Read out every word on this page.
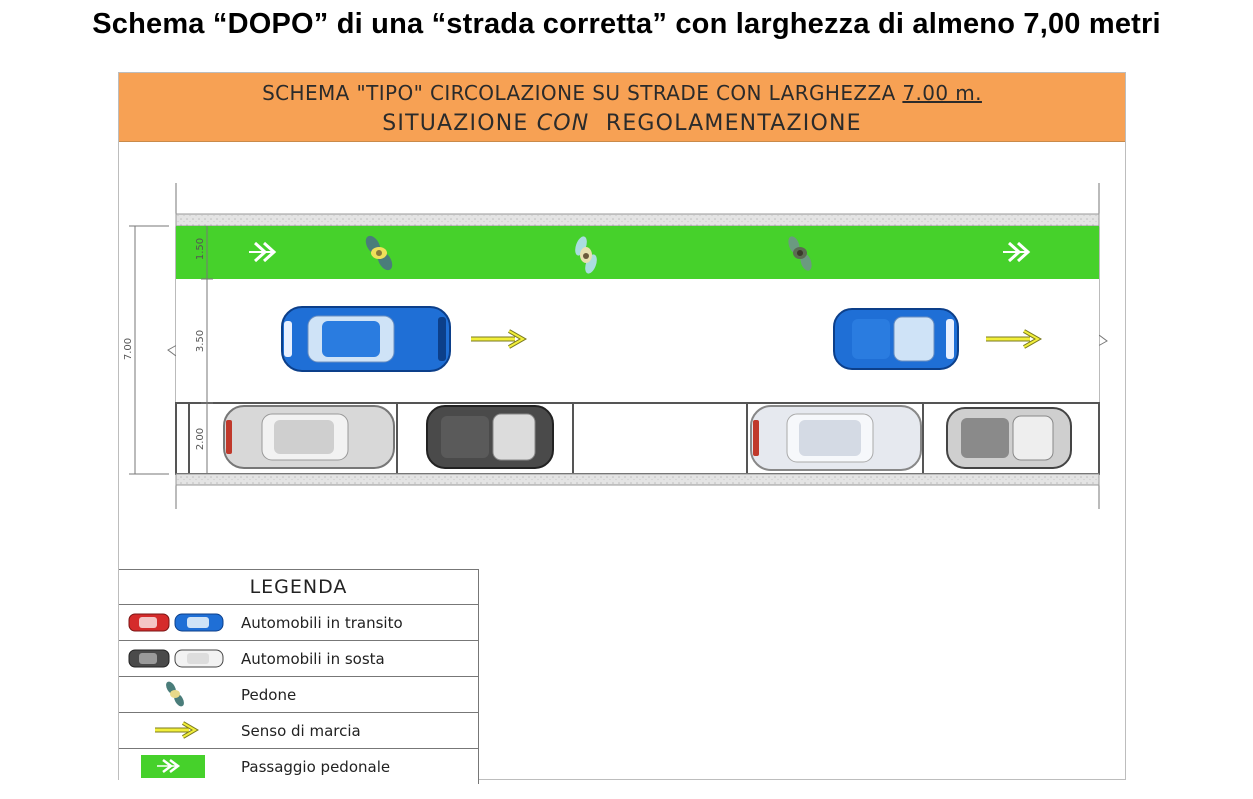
Schema “DOPO” di una “strada corretta” con larghezza di almeno 7,00 metri
SCHEMA "TIPO" CIRCOLAZIONE SU STRADE CON LARGHEZZA 7.00 m.
SITUAZIONE CON  REGOLAMENTAZIONE
7.00
1.50
3.50
2.00
LEGENDA
Automobili in transito
Automobili in sosta
Pedone
Senso di marcia
Passaggio pedonale
